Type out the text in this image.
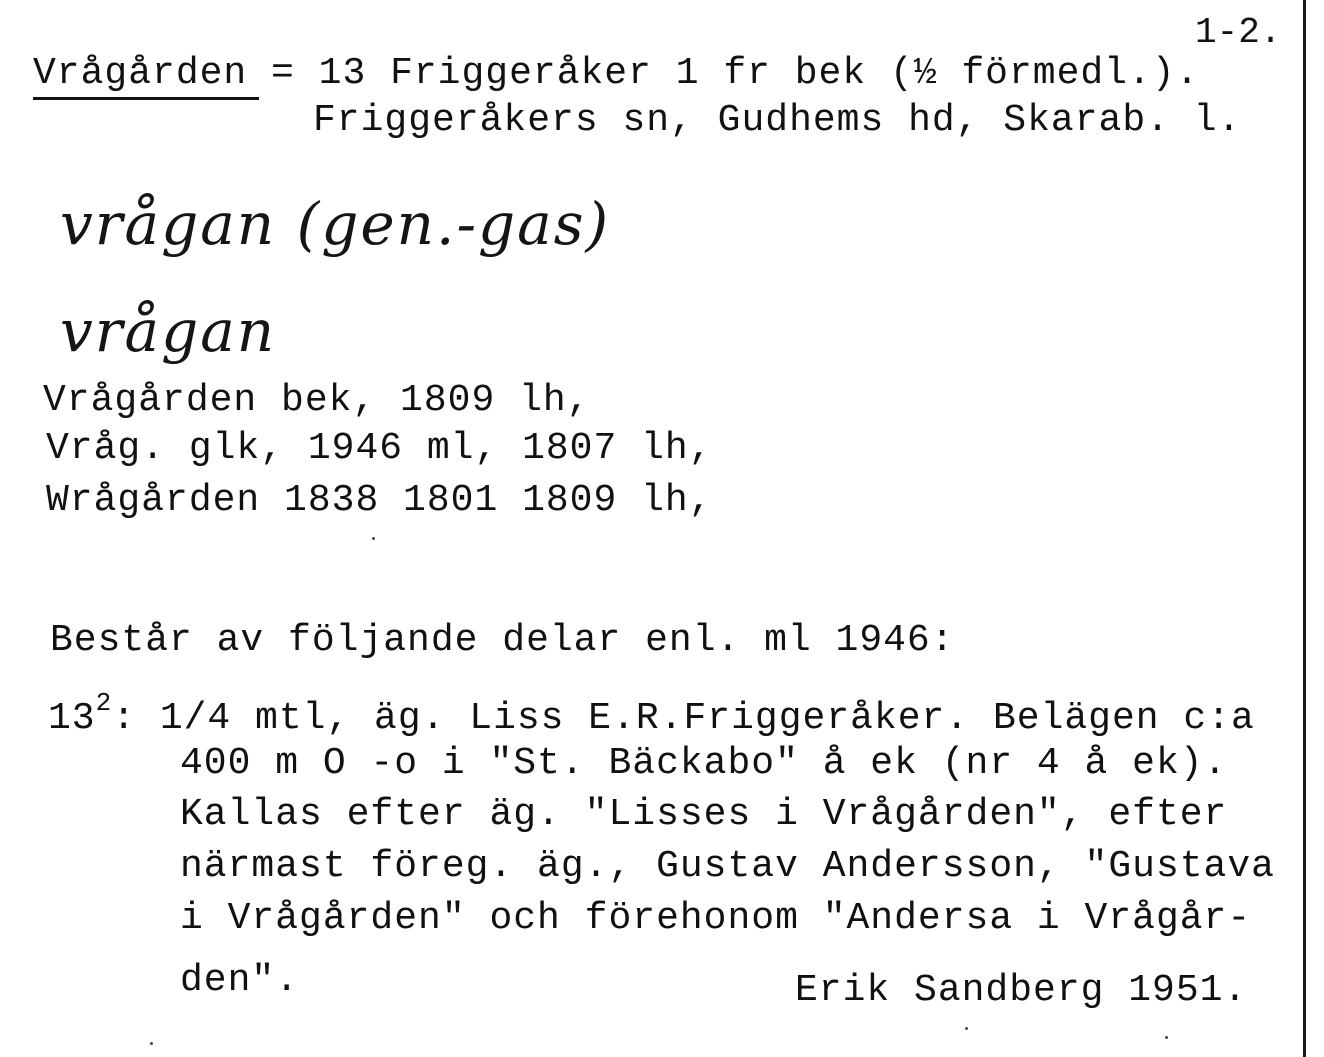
1-2.
Vrågården = 13 Friggeråker 1 fr bek (½ förmedl.).
Friggeråkers sn, Gudhems hd, Skarab. l.
vrågan (gen.-gas)
vrågan
Vrågården bek, 1809 lh,
Vråg. glk, 1946 ml, 1807 lh,
Wrågården 1838 1801 1809 lh,
Består av följande delar enl. ml 1946:
$13^2$: 1/4 mtl, äg. Liss E.R.Friggeråker. Belägen c:a
400 m O -o i "St. Bäckabo" å ek (nr 4 å ek).
Kallas efter äg. "Lisses i Vrågården", efter
närmast föreg. äg., Gustav Andersson, "Gustava
i Vrågården" och förehonom "Andersa i Vrågår-
den".	Erik Sandberg 1951.
